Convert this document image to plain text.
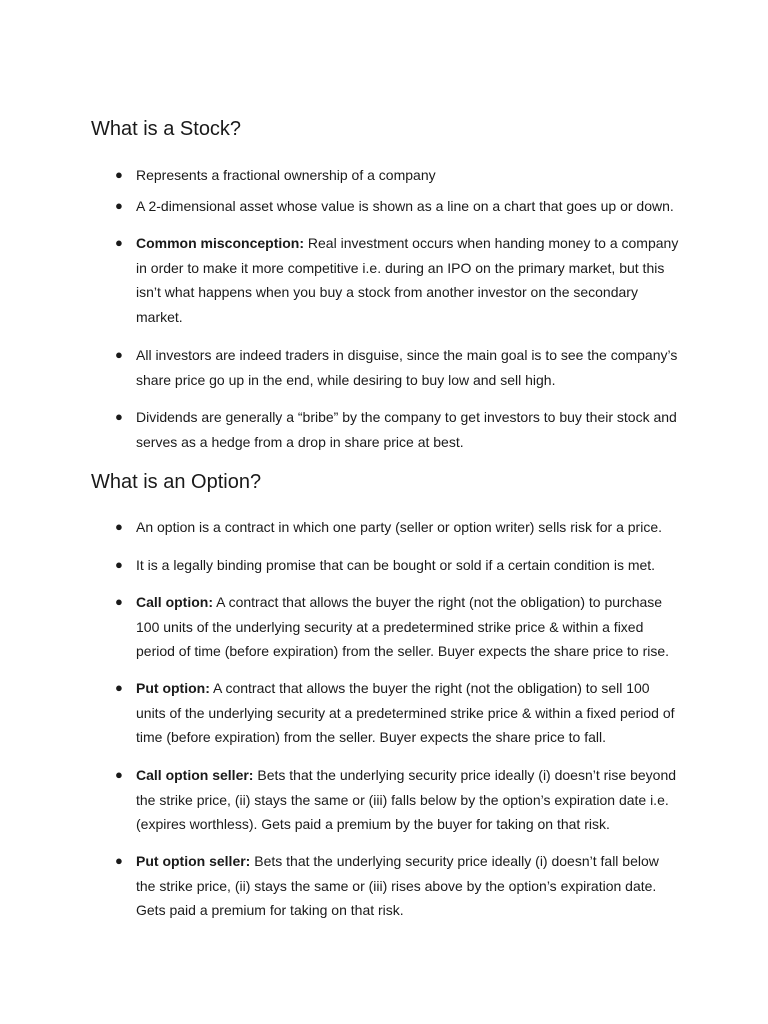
What is a Stock?
● Represents a fractional ownership of a company
● A 2-dimensional asset whose value is shown as a line on a chart that goes up or down.
● Common misconception: Real investment occurs when handing money to a company in order to make it more competitive i.e. during an IPO on the primary market, but this isn’t what happens when you buy a stock from another investor on the secondary market.
● All investors are indeed traders in disguise, since the main goal is to see the company’s share price go up in the end, while desiring to buy low and sell high.
● Dividends are generally a “bribe” by the company to get investors to buy their stock and serves as a hedge from a drop in share price at best.
What is an Option?
● An option is a contract in which one party (seller or option writer) sells risk for a price.
● It is a legally binding promise that can be bought or sold if a certain condition is met.
● Call option: A contract that allows the buyer the right (not the obligation) to purchase 100 units of the underlying security at a predetermined strike price & within a fixed period of time (before expiration) from the seller. Buyer expects the share price to rise.
● Put option: A contract that allows the buyer the right (not the obligation) to sell 100 units of the underlying security at a predetermined strike price & within a fixed period of time (before expiration) from the seller. Buyer expects the share price to fall.
● Call option seller: Bets that the underlying security price ideally (i) doesn’t rise beyond the strike price, (ii) stays the same or (iii) falls below by the option’s expiration date i.e. (expires worthless). Gets paid a premium by the buyer for taking on that risk.
● Put option seller: Bets that the underlying security price ideally (i) doesn’t fall below the strike price, (ii) stays the same or (iii) rises above by the option’s expiration date. Gets paid a premium for taking on that risk.
